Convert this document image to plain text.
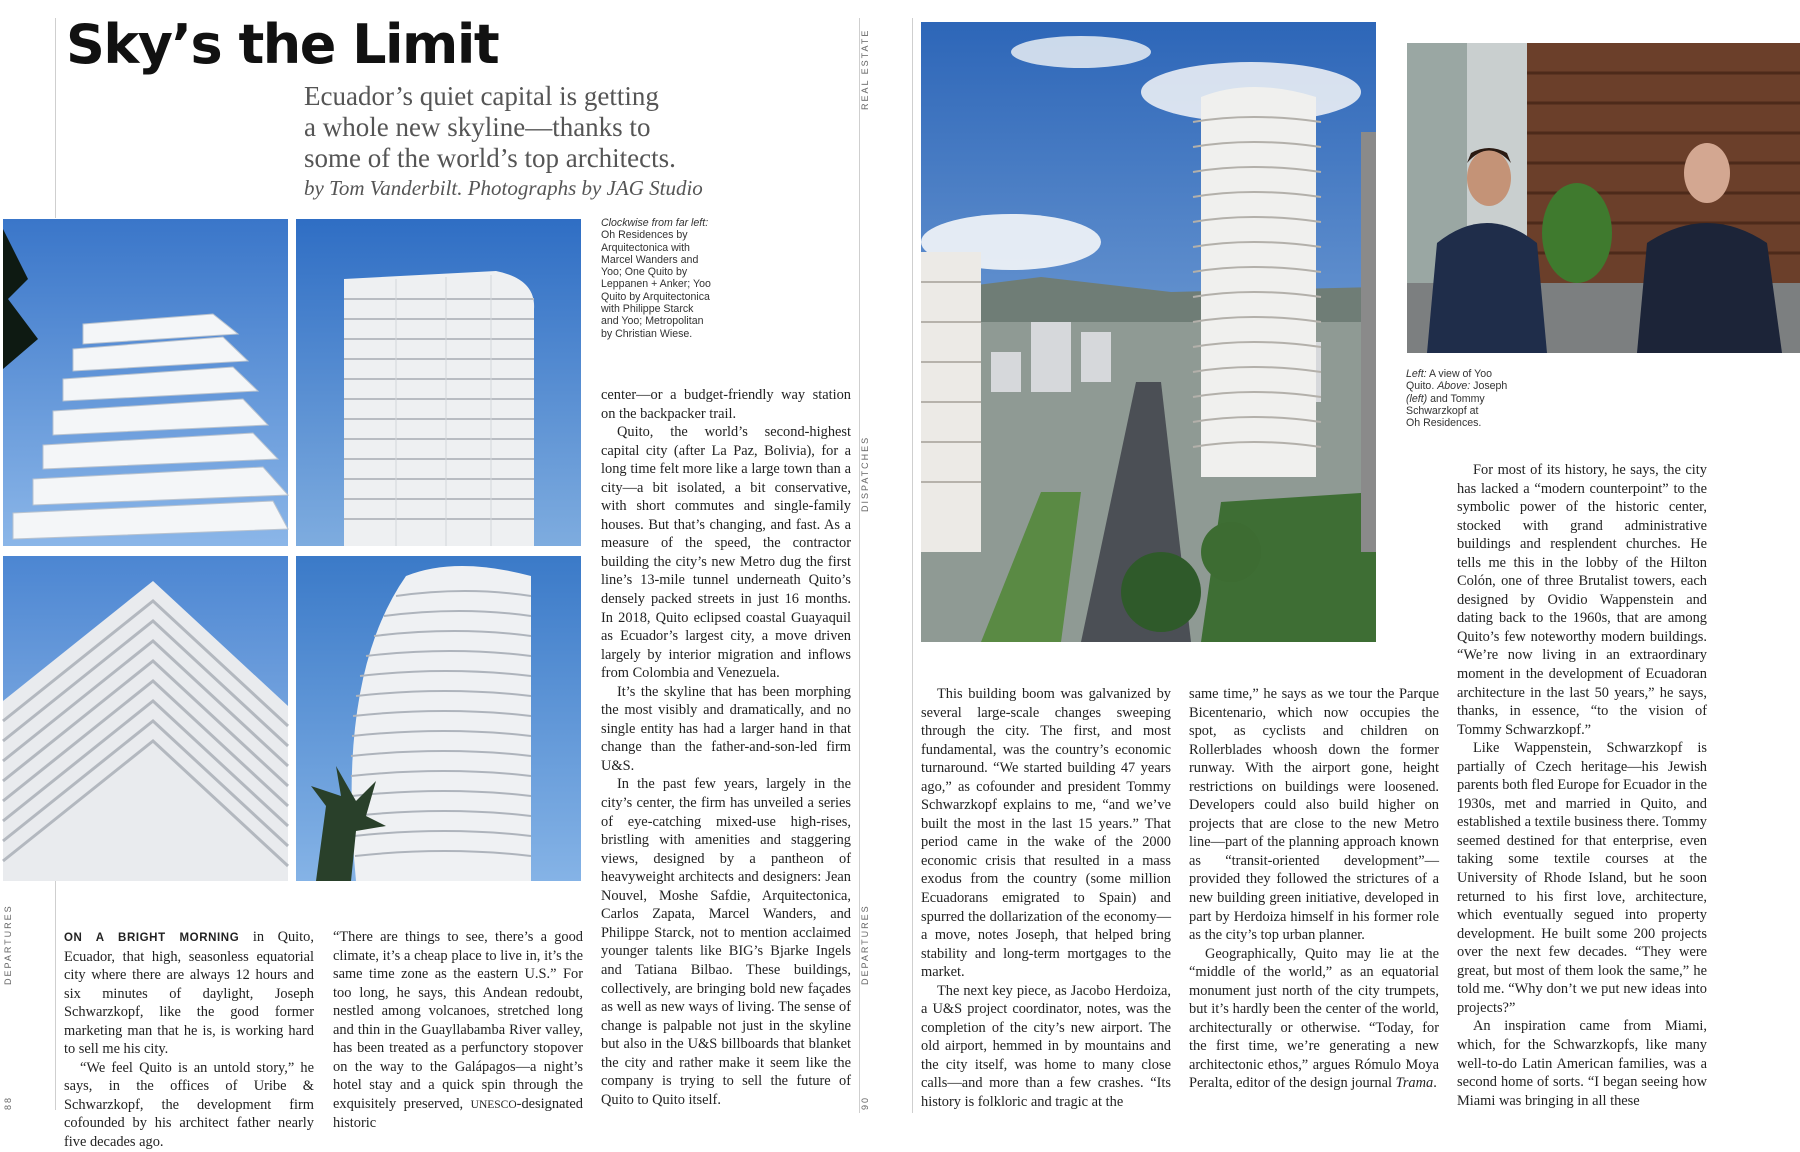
Sky’s the Limit
Ecuador’s quiet capital is getting
a whole new skyline—thanks to
some of the world’s top architects.
by Tom Vanderbilt. Photographs by JAG Studio
REAL ESTATE
DISPATCHES
DEPARTURES
90
DEPARTURES
88
Clockwise from far left:
Oh Residences by
Arquitectonica with
Marcel Wanders and
Yoo; One Quito by
Leppanen + Anker; Yoo
Quito by Arquitectonica
with Philippe Starck
and Yoo; Metropolitan
by Christian Wiese.
Left: A view of Yoo
Quito. Above: Joseph
(left) and Tommy
Schwarzkopf at
Oh Residences.

ON A BRIGHT MORNING in Quito, Ecuador, that high, seasonless equatorial city where there are always 12 hours and six minutes of daylight, Joseph Schwarzkopf, like the good former marketing man that he is, is working hard to sell me his city.

“We feel Quito is an untold story,” he says, in the offices of Uribe & Schwarzkopf, the development firm cofounded by his architect father nearly five decades ago.

“There are things to see, there’s a good climate, it’s a cheap place to live in, it’s the same time zone as the eastern U.S.” For too long, he says, this Andean redoubt, nestled among volcanoes, stretched long and thin in the Guayllabamba River valley, has been treated as a perfunctory stopover on the way to the Galápagos—a night’s hotel stay and a quick spin through the exquisitely preserved, UNESCO-designated historic

center—or a budget-friendly way station on the backpacker trail.

Quito, the world’s second-highest capital city (after La Paz, Bolivia), for a long time felt more like a large town than a city—a bit isolated, a bit conservative, with short commutes and single-family houses. But that’s changing, and fast. As a measure of the speed, the contractor building the city’s new Metro dug the first line’s 13-mile tunnel underneath Quito’s densely packed streets in just 16 months. In 2018, Quito eclipsed coastal Guayaquil as Ecuador’s largest city, a move driven largely by interior migration and inflows from Colombia and Venezuela.

It’s the skyline that has been morphing the most visibly and dramatically, and no single entity has had a larger hand in that change than the father-and-son-led firm U&S.

In the past few years, largely in the city’s center, the firm has unveiled a series of eye-catching mixed-use high-rises, bristling with amenities and staggering views, designed by a pantheon of heavyweight architects and designers: Jean Nouvel, Moshe Safdie, Arquitectonica, Carlos Zapata, Marcel Wanders, and Philippe Starck, not to mention acclaimed younger talents like BIG’s Bjarke Ingels and Tatiana Bilbao. These buildings, collectively, are bringing bold new façades as well as new ways of living. The sense of change is palpable not just in the skyline but also in the U&S billboards that blanket the city and rather make it seem like the company is trying to sell the future of Quito to Quito itself.

This building boom was galvanized by several large-scale changes sweeping through the city. The first, and most fundamental, was the country’s economic turnaround. “We started building 47 years ago,” as cofounder and president Tommy Schwarzkopf explains to me, “and we’ve built the most in the last 15 years.” That period came in the wake of the 2000 economic crisis that resulted in a mass exodus from the country (some million Ecuadorans emigrated to Spain) and spurred the dollarization of the economy—a move, notes Joseph, that helped bring stability and long-term mortgages to the market.

The next key piece, as Jacobo Herdoiza, a U&S project coordinator, notes, was the completion of the city’s new airport. The old airport, hemmed in by mountains and the city itself, was home to many close calls—and more than a few crashes. “Its history is folkloric and tragic at the

same time,” he says as we tour the Parque Bicentenario, which now occupies the spot, as cyclists and children on Rollerblades whoosh down the former runway. With the airport gone, height restrictions on buildings were loosened. Developers could also build higher on projects that are close to the new Metro line—part of the planning approach known as “transit-oriented development”—provided they followed the strictures of a new building green initiative, developed in part by Herdoiza himself in his former role as the city’s top urban planner.

Geographically, Quito may lie at the “middle of the world,” as an equatorial monument just north of the city trumpets, but it’s hardly been the center of the world, architecturally or otherwise. “Today, for the first time, we’re generating a new architectonic ethos,” argues Rómulo Moya Peralta, editor of the design journal Trama.

For most of its history, he says, the city has lacked a “modern counterpoint” to the symbolic power of the historic center, stocked with grand administrative buildings and resplendent churches. He tells me this in the lobby of the Hilton Colón, one of three Brutalist towers, each designed by Ovidio Wappenstein and dating back to the 1960s, that are among Quito’s few noteworthy modern buildings. “We’re now living in an extraordinary moment in the development of Ecuadoran architecture in the last 50 years,” he says, thanks, in essence, “to the vision of Tommy Schwarzkopf.”

Like Wappenstein, Schwarzkopf is partially of Czech heritage—his Jewish parents both fled Europe for Ecuador in the 1930s, met and married in Quito, and established a textile business there. Tommy seemed destined for that enterprise, even taking some textile courses at the University of Rhode Island, but he soon returned to his first love, architecture, which eventually segued into property development. He built some 200 projects over the next few decades. “They were great, but most of them look the same,” he told me. “Why don’t we put new ideas into projects?”

An inspiration came from Miami, which, for the Schwarzkopfs, like many well-to-do Latin American families, was a second home of sorts. “I began seeing how Miami was bringing in all these
